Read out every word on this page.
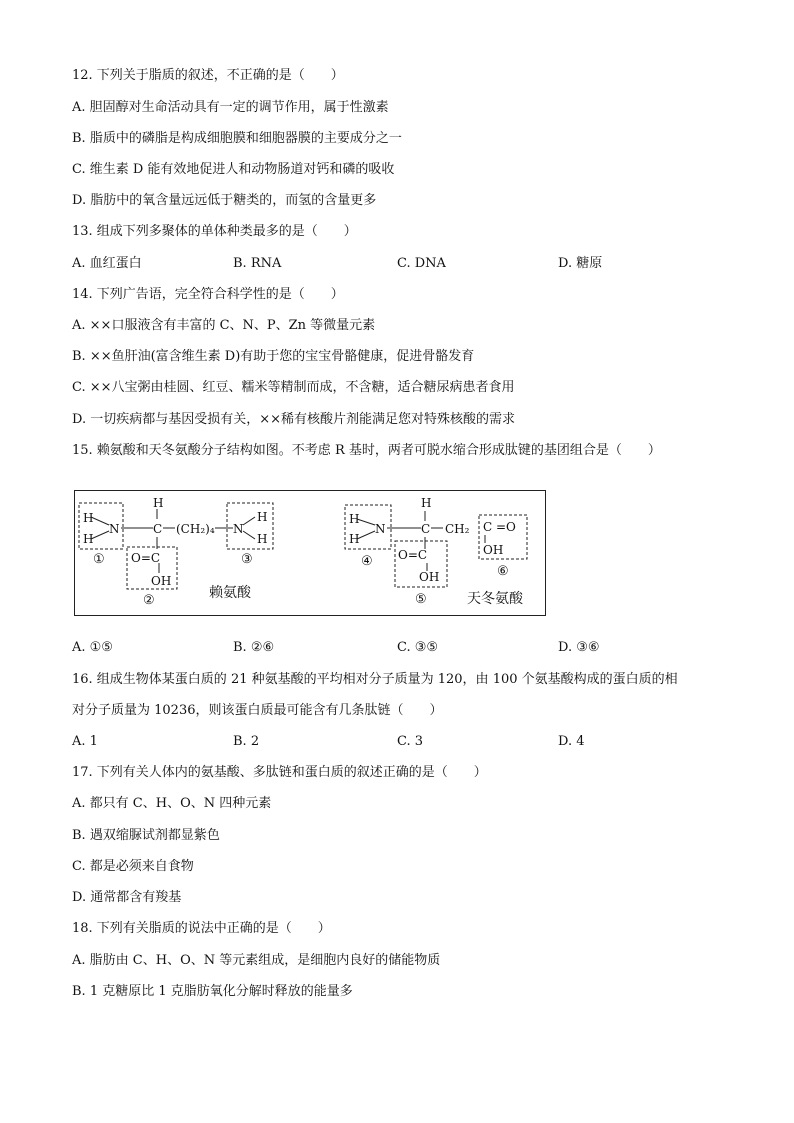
12. 下列关于脂质的叙述，不正确的是（　　）
A. 胆固醇对生命活动具有一定的调节作用，属于性激素
B. 脂质中的磷脂是构成细胞膜和细胞器膜的主要成分之一
C. 维生素 D 能有效地促进人和动物肠道对钙和磷的吸收
D. 脂肪中的氧含量远远低于糖类的，而氢的含量更多
13. 组成下列多聚体的单体种类最多的是（　　）
A. 血红蛋白	B. RNA	C. DNA	D. 糖原
14. 下列广告语，完全符合科学性的是（　　）
A. ××口服液含有丰富的 C、N、P、Zn 等微量元素
B. ××鱼肝油(富含维生素 D)有助于您的宝宝骨骼健康，促进骨骼发育
C. ××八宝粥由桂圆、红豆、糯米等精制而成，不含糖，适合糖尿病患者食用
D. 一切疾病都与基因受损有关，××稀有核酸片剂能满足您对特殊核酸的需求
15. 赖氨酸和天冬氨酸分子结构如图。不考虑 R 基时，两者可脱水缩合形成肽键的基团组合是（　　）
H
H
N
H
C (CH₂)₄ N
H
H
O=C
OH
①
②
③
赖氨酸
H
H
N
H
C CH₂ C =O
OH
O=C
OH
④
⑤
⑥
天冬氨酸
A. ①⑤	B. ②⑥	C. ③⑤	D. ③⑥
16. 组成生物体某蛋白质的 21 种氨基酸的平均相对分子质量为 120，由 100 个氨基酸构成的蛋白质的相
对分子质量为 10236，则该蛋白质最可能含有几条肽链（　　）
A. 1	B. 2	C. 3	D. 4
17. 下列有关人体内的氨基酸、多肽链和蛋白质的叙述正确的是（　　）
A. 都只有 C、H、O、N 四种元素
B. 遇双缩脲试剂都显紫色
C. 都是必须来自食物
D. 通常都含有羧基
18. 下列有关脂质的说法中正确的是（　　）
A. 脂肪由 C、H、O、N 等元素组成，是细胞内良好的储能物质
B. 1 克糖原比 1 克脂肪氧化分解时释放的能量多
